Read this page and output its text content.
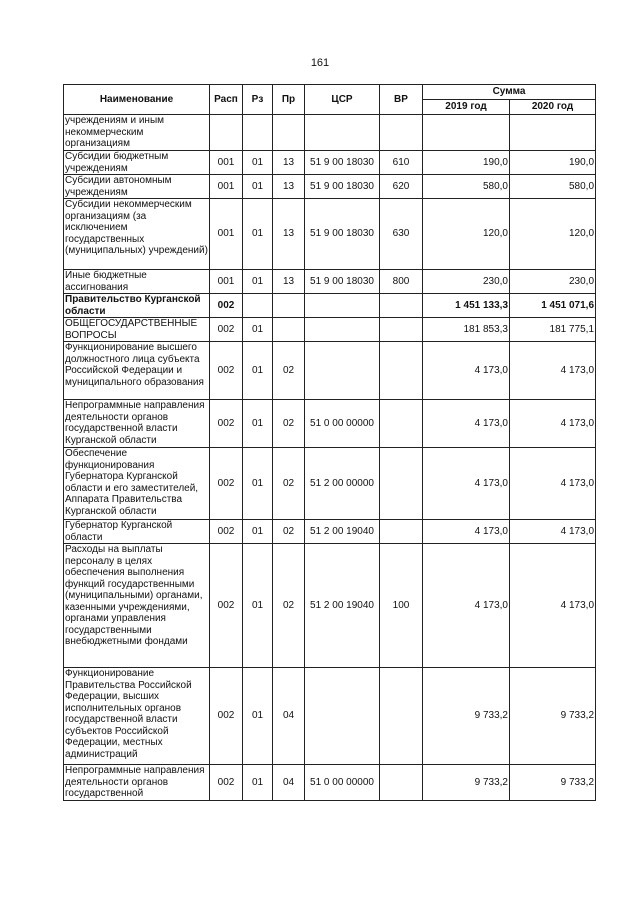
161
Наименование	Расп	Рз	Пр	ЦСР	ВР	Сумма	
						2019 год	2020 год
учреждениям и иным некоммерческим организациям							
Субсидии бюджетным учреждениям	001	01	13	51 9 00 18030	610	190,0	190,0
Субсидии автономным учреждениям	001	01	13	51 9 00 18030	620	580,0	580,0
Субсидии некоммерческим организациям (за исключением государственных (муниципальных) учреждений)	001	01	13	51 9 00 18030	630	120,0	120,0
Иные бюджетные ассигнования	001	01	13	51 9 00 18030	800	230,0	230,0
Правительство Курганской области	002					1 451 133,3	1 451 071,6
ОБЩЕГОСУДАРСТВЕННЫЕ ВОПРОСЫ	002	01				181 853,3	181 775,1
Функционирование высшего должностного лица субъекта Российской Федерации и муниципального образования	002	01	02			4 173,0	4 173,0
Непрограммные направления деятельности органов государственной власти Курганской области	002	01	02	51 0 00 00000		4 173,0	4 173,0
Обеспечение функционирования Губернатора Курганской области и его заместителей, Аппарата Правительства Курганской области	002	01	02	51 2 00 00000		4 173,0	4 173,0
Губернатор Курганской области	002	01	02	51 2 00 19040		4 173,0	4 173,0
Расходы на выплаты персоналу в целях обеспечения выполнения функций государственными (муниципальными) органами, казенными учреждениями, органами управления государственными внебюджетными фондами	002	01	02	51 2 00 19040	100	4 173,0	4 173,0
Функционирование Правительства Российской Федерации, высших исполнительных органов государственной власти субъектов Российской Федерации, местных администраций	002	01	04			9 733,2	9 733,2
Непрограммные направления деятельности органов государственной	002	01	04	51 0 00 00000		9 733,2	9 733,2
